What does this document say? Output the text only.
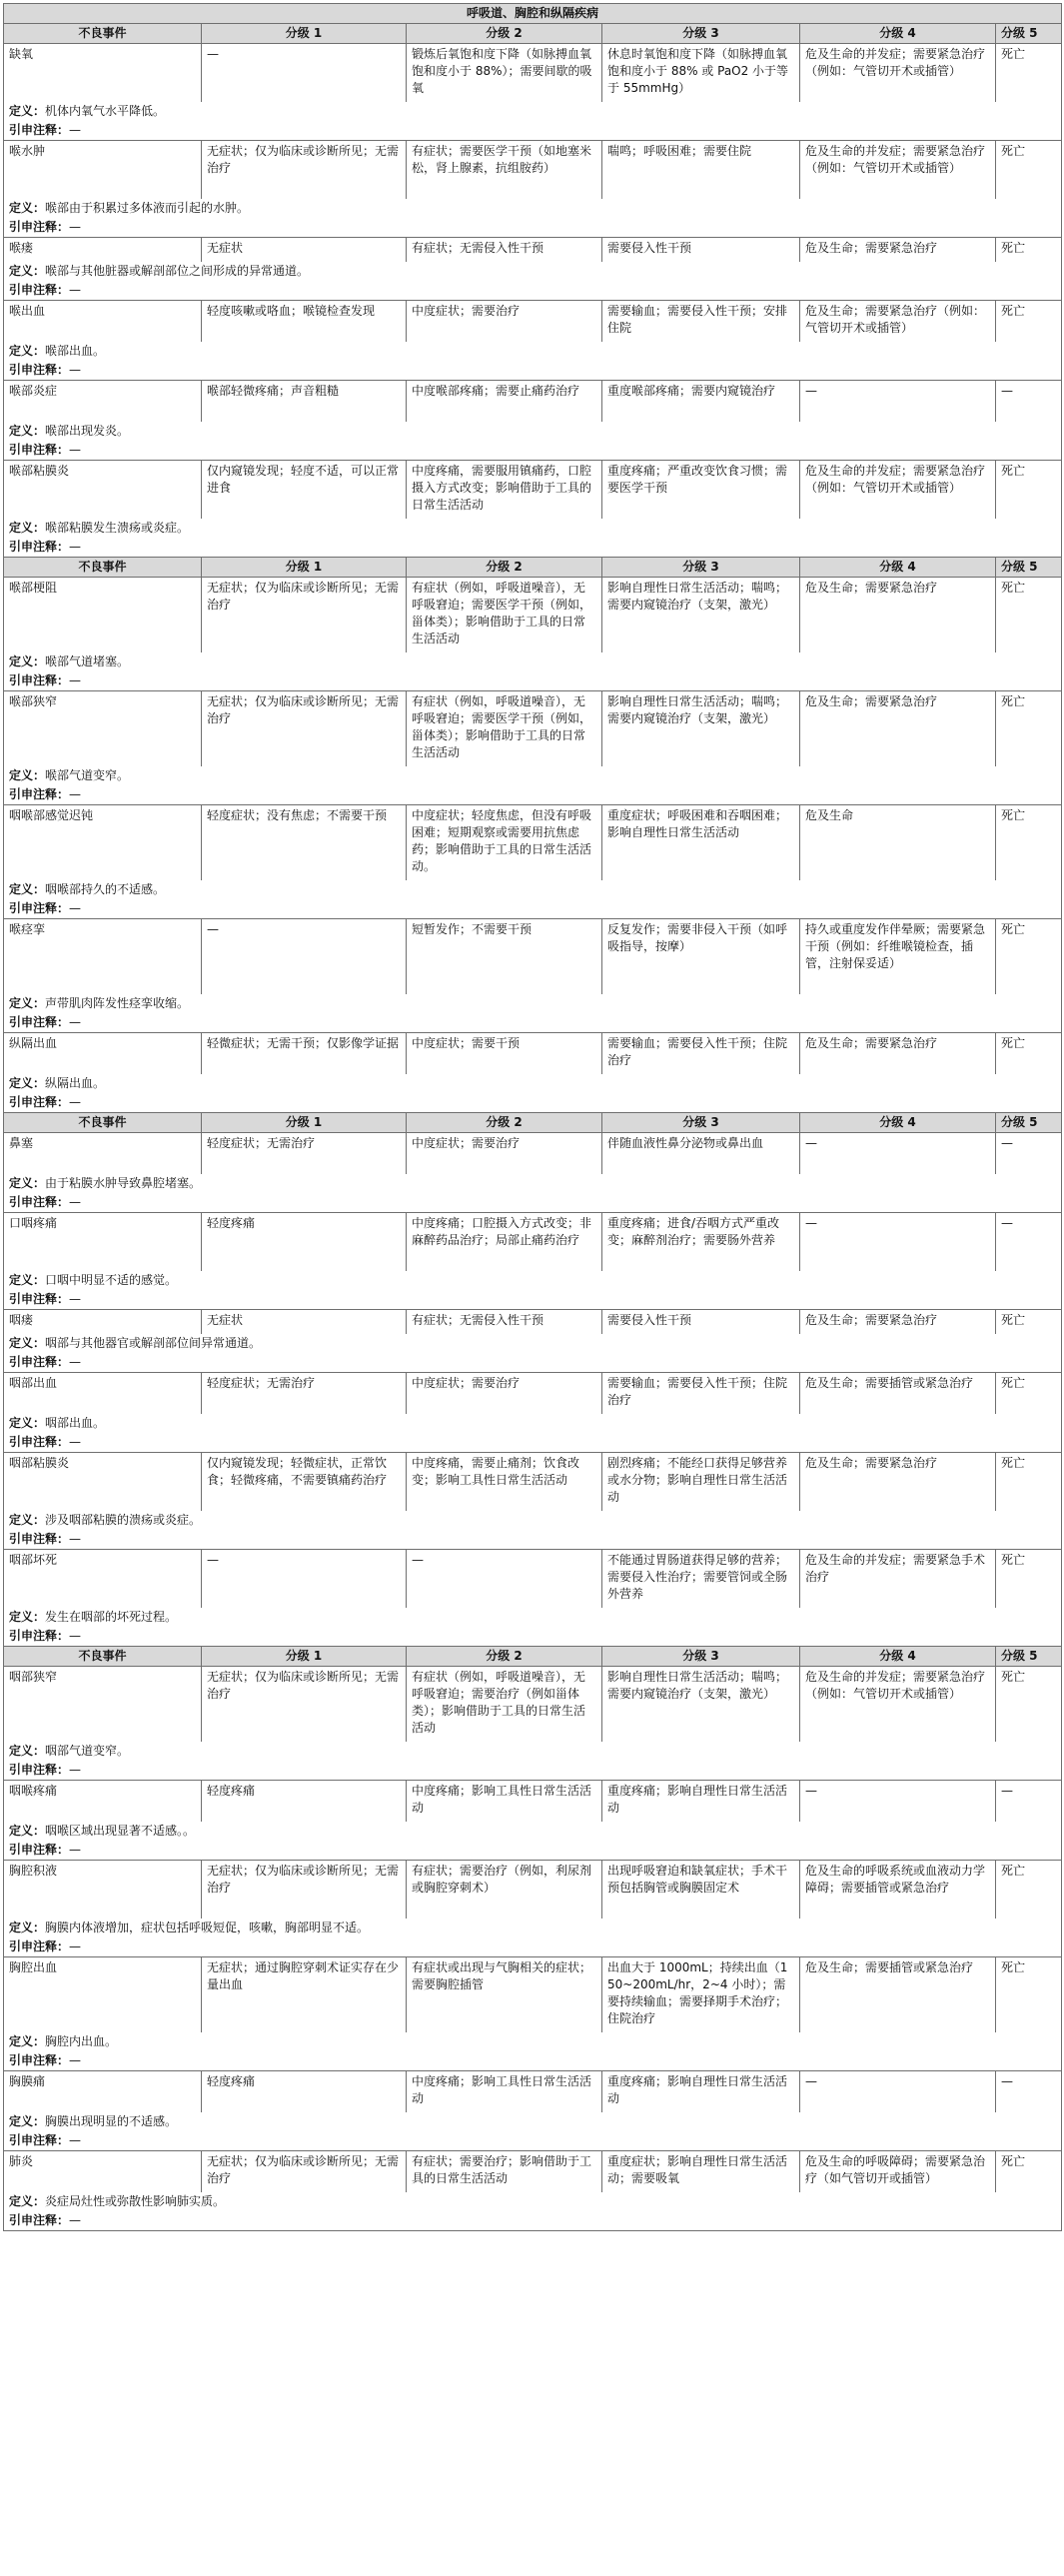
呼吸道、胸腔和纵隔疾病					
不良事件	分级 1	分级 2	分级 3	分级 4	分级 5
缺氧	—	锻炼后氧饱和度下降（如脉搏血氧饱和度小于 88%）；需要间歇的吸氧	休息时氧饱和度下降（如脉搏血氧饱和度小于 88% 或 PaO2 小于等于 55mmHg）	危及生命的并发症；需要紧急治疗（例如：气管切开术或插管）	死亡
定义：机体内氧气水平降低。					
引申注释：—					
喉水肿	无症状；仅为临床或诊断所见；无需治疗	有症状；需要医学干预（如地塞米松，肾上腺素，抗组胺药）	喘鸣；呼吸困难；需要住院	危及生命的并发症；需要紧急治疗（例如：气管切开术或插管）	死亡
定义：喉部由于积累过多体液而引起的水肿。					
引申注释：—					
喉瘘	无症状	有症状；无需侵入性干预	需要侵入性干预	危及生命；需要紧急治疗	死亡
定义：喉部与其他脏器或解剖部位之间形成的异常通道。					
引申注释：—					
喉出血	轻度咳嗽或咯血；喉镜检查发现	中度症状；需要治疗	需要输血；需要侵入性干预；安排住院	危及生命；需要紧急治疗（例如：气管切开术或插管）	死亡
定义：喉部出血。					
引申注释：—					
喉部炎症	喉部轻微疼痛；声音粗糙	中度喉部疼痛；需要止痛药治疗	重度喉部疼痛；需要内窥镜治疗	—	—
定义：喉部出现发炎。					
引申注释：—					
喉部粘膜炎	仅内窥镜发现；轻度不适，可以正常进食	中度疼痛，需要服用镇痛药，口腔摄入方式改变；影响借助于工具的日常生活活动	重度疼痛；严重改变饮食习惯；需要医学干预	危及生命的并发症；需要紧急治疗（例如：气管切开术或插管）	死亡
定义：喉部粘膜发生溃疡或炎症。					
引申注释：—					
不良事件	分级 1	分级 2	分级 3	分级 4	分级 5
喉部梗阻	无症状；仅为临床或诊断所见；无需治疗	有症状（例如，呼吸道噪音），无呼吸窘迫；需要医学干预（例如，甾体类）；影响借助于工具的日常生活活动	影响自理性日常生活活动；喘鸣；需要内窥镜治疗（支架，激光）	危及生命；需要紧急治疗	死亡
定义：喉部气道堵塞。					
引申注释：—					
喉部狭窄	无症状；仅为临床或诊断所见；无需治疗	有症状（例如，呼吸道噪音），无呼吸窘迫；需要医学干预（例如，甾体类）；影响借助于工具的日常生活活动	影响自理性日常生活活动；喘鸣；需要内窥镜治疗（支架，激光）	危及生命；需要紧急治疗	死亡
定义：喉部气道变窄。					
引申注释：—					
咽喉部感觉迟钝	轻度症状；没有焦虑；不需要干预	中度症状；轻度焦虑，但没有呼吸困难；短期观察或需要用抗焦虑药；影响借助于工具的日常生活活动。	重度症状；呼吸困难和吞咽困难；影响自理性日常生活活动	危及生命	死亡
定义：咽喉部持久的不适感。					
引申注释：—					
喉痉挛	—	短暂发作；不需要干预	反复发作；需要非侵入干预（如呼吸指导，按摩）	持久或重度发作伴晕厥；需要紧急干预（例如：纤维喉镜检查，插管，注射保妥适）	死亡
定义：声带肌肉阵发性痉挛收缩。					
引申注释：—					
纵隔出血	轻微症状；无需干预；仅影像学证据	中度症状；需要干预	需要输血；需要侵入性干预；住院治疗	危及生命；需要紧急治疗	死亡
定义：纵隔出血。					
引申注释：—					
不良事件	分级 1	分级 2	分级 3	分级 4	分级 5
鼻塞	轻度症状；无需治疗	中度症状；需要治疗	伴随血液性鼻分泌物或鼻出血	—	—
定义：由于粘膜水肿导致鼻腔堵塞。					
引申注释：—					
口咽疼痛	轻度疼痛	中度疼痛；口腔摄入方式改变；非麻醉药品治疗；局部止痛药治疗	重度疼痛；进食/吞咽方式严重改变；麻醉剂治疗；需要肠外营养	—	—
定义：口咽中明显不适的感觉。					
引申注释：—					
咽瘘	无症状	有症状；无需侵入性干预	需要侵入性干预	危及生命；需要紧急治疗	死亡
定义：咽部与其他器官或解剖部位间异常通道。					
引申注释：—					
咽部出血	轻度症状；无需治疗	中度症状；需要治疗	需要输血；需要侵入性干预；住院治疗	危及生命；需要插管或紧急治疗	死亡
定义：咽部出血。					
引申注释：—					
咽部粘膜炎	仅内窥镜发现；轻微症状，正常饮食；轻微疼痛，不需要镇痛药治疗	中度疼痛，需要止痛剂；饮食改变；影响工具性日常生活活动	剧烈疼痛；不能经口获得足够营养或水分物；影响自理性日常生活活动	危及生命；需要紧急治疗	死亡
定义：涉及咽部粘膜的溃疡或炎症。					
引申注释：—					
咽部坏死	—	—	不能通过胃肠道获得足够的营养；需要侵入性治疗；需要管饲或全肠外营养	危及生命的并发症；需要紧急手术治疗	死亡
定义：发生在咽部的坏死过程。					
引申注释：—					
不良事件	分级 1	分级 2	分级 3	分级 4	分级 5
咽部狭窄	无症状；仅为临床或诊断所见；无需治疗	有症状（例如，呼吸道噪音），无呼吸窘迫；需要治疗（例如甾体类）；影响借助于工具的日常生活活动	影响自理性日常生活活动；喘鸣；需要内窥镜治疗（支架，激光）	危及生命的并发症；需要紧急治疗（例如：气管切开术或插管）	死亡
定义：咽部气道变窄。					
引申注释：—					
咽喉疼痛	轻度疼痛	中度疼痛；影响工具性日常生活活动	重度疼痛；影响自理性日常生活活动	—	—
定义：咽喉区域出现显著不适感。。					
引申注释：—					
胸腔积液	无症状；仅为临床或诊断所见；无需治疗	有症状；需要治疗（例如，利尿剂或胸腔穿刺术）	出现呼吸窘迫和缺氧症状；手术干预包括胸管或胸膜固定术	危及生命的呼吸系统或血液动力学障碍；需要插管或紧急治疗	死亡
定义：胸膜内体液增加，症状包括呼吸短促，咳嗽，胸部明显不适。					
引申注释：—					
胸腔出血	无症状；通过胸腔穿刺术证实存在少量出血	有症状或出现与气胸相关的症状；需要胸腔插管	出血大于 1000mL；持续出血（150~200mL/hr，2~4 小时）；需要持续输血；需要择期手术治疗；住院治疗	危及生命；需要插管或紧急治疗	死亡
定义：胸腔内出血。					
引申注释：—					
胸膜痛	轻度疼痛	中度疼痛；影响工具性日常生活活动	重度疼痛；影响自理性日常生活活动	—	—
定义：胸膜出现明显的不适感。					
引申注释：—					
肺炎	无症状；仅为临床或诊断所见；无需治疗	有症状；需要治疗；影响借助于工具的日常生活活动	重度症状；影响自理性日常生活活动；需要吸氧	危及生命的呼吸障碍；需要紧急治疗（如气管切开或插管）	死亡
定义：炎症局灶性或弥散性影响肺实质。					
引申注释：—					
